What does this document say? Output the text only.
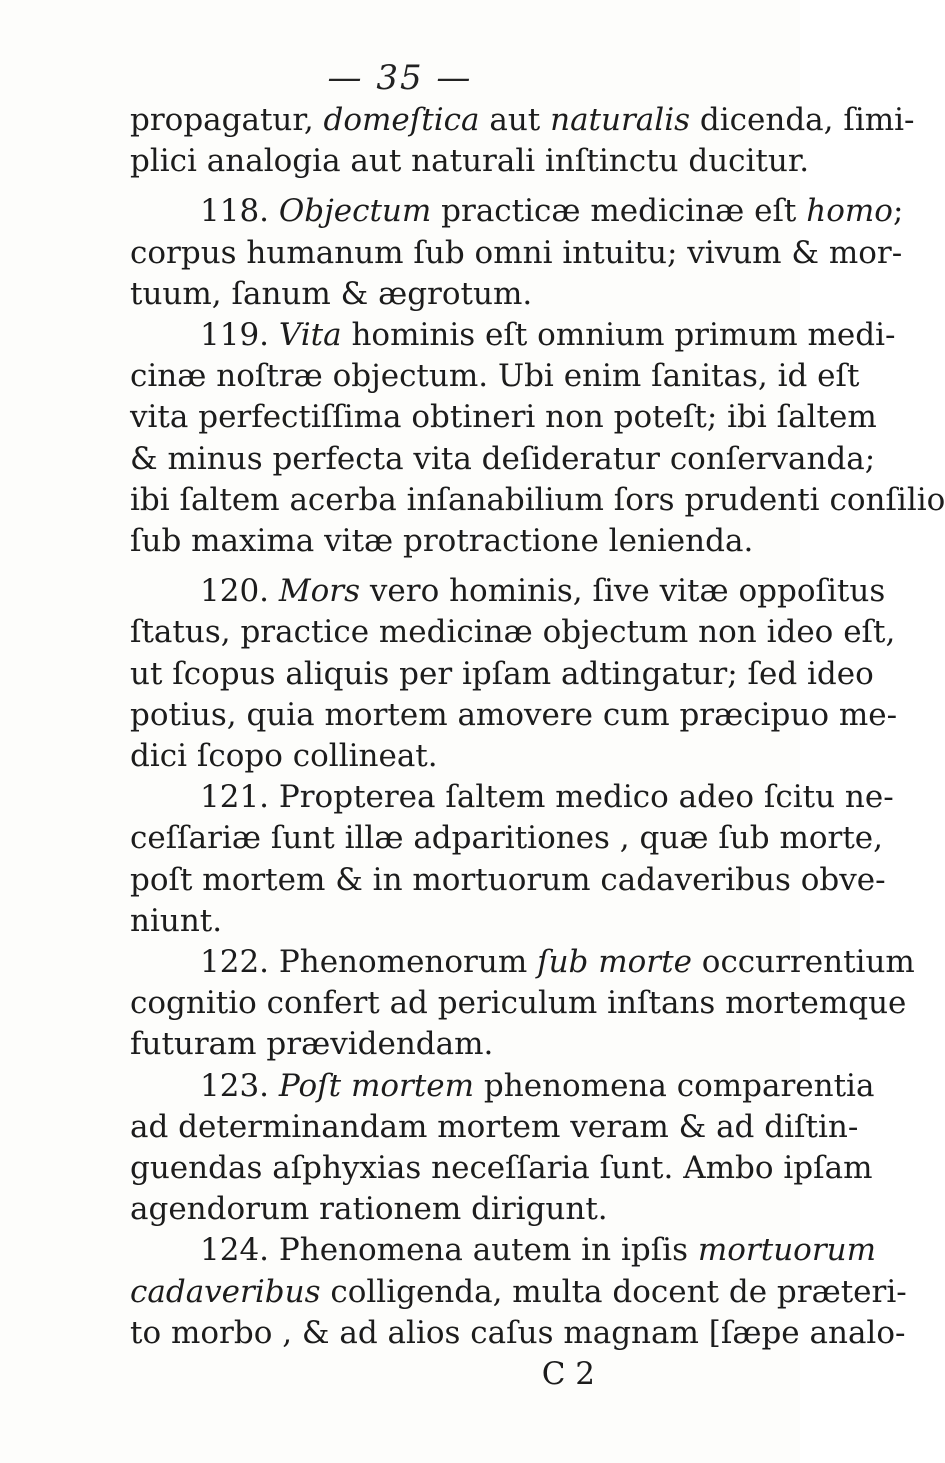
— 35 —
propagatur, domeſtica aut naturalis dicenda, ſimi-
plici analogia aut naturali inſtinctu ducitur.
118. Objectum practicæ medicinæ eſt homo;
corpus humanum ſub omni intuitu; vivum & mor-
tuum, ſanum & ægrotum.
119. Vita hominis eſt omnium primum medi-
cinæ noſtræ objectum. Ubi enim ſanitas, id eſt
vita perfectiſſima obtineri non poteſt; ibi ſaltem
& minus perfecta vita deſideratur conſervanda;
ibi ſaltem acerba inſanabilium ſors prudenti conſilio
ſub maxima vitæ protractione lenienda.
120. Mors vero hominis, ſive vitæ oppoſitus
ſtatus, practice medicinæ objectum non ideo eſt,
ut ſcopus aliquis per ipſam adtingatur; ſed ideo
potius, quia mortem amovere cum præcipuo me-
dici ſcopo collineat.
121. Propterea ſaltem medico adeo ſcitu ne-
ceſſariæ ſunt illæ adparitiones , quæ ſub morte,
poſt mortem & in mortuorum cadaveribus obve-
niunt.
122. Phenomenorum ſub morte occurrentium
cognitio confert ad periculum inſtans mortemque
futuram prævidendam.
123. Poſt mortem phenomena comparentia
ad determinandam mortem veram & ad diſtin-
guendas aſphyxias neceſſaria ſunt. Ambo ipſam
agendorum rationem dirigunt.
124. Phenomena autem in ipſis mortuorum
cadaveribus colligenda, multa docent de præteri-
to morbo , & ad alios caſus magnam [ſæpe analo-
C 2
